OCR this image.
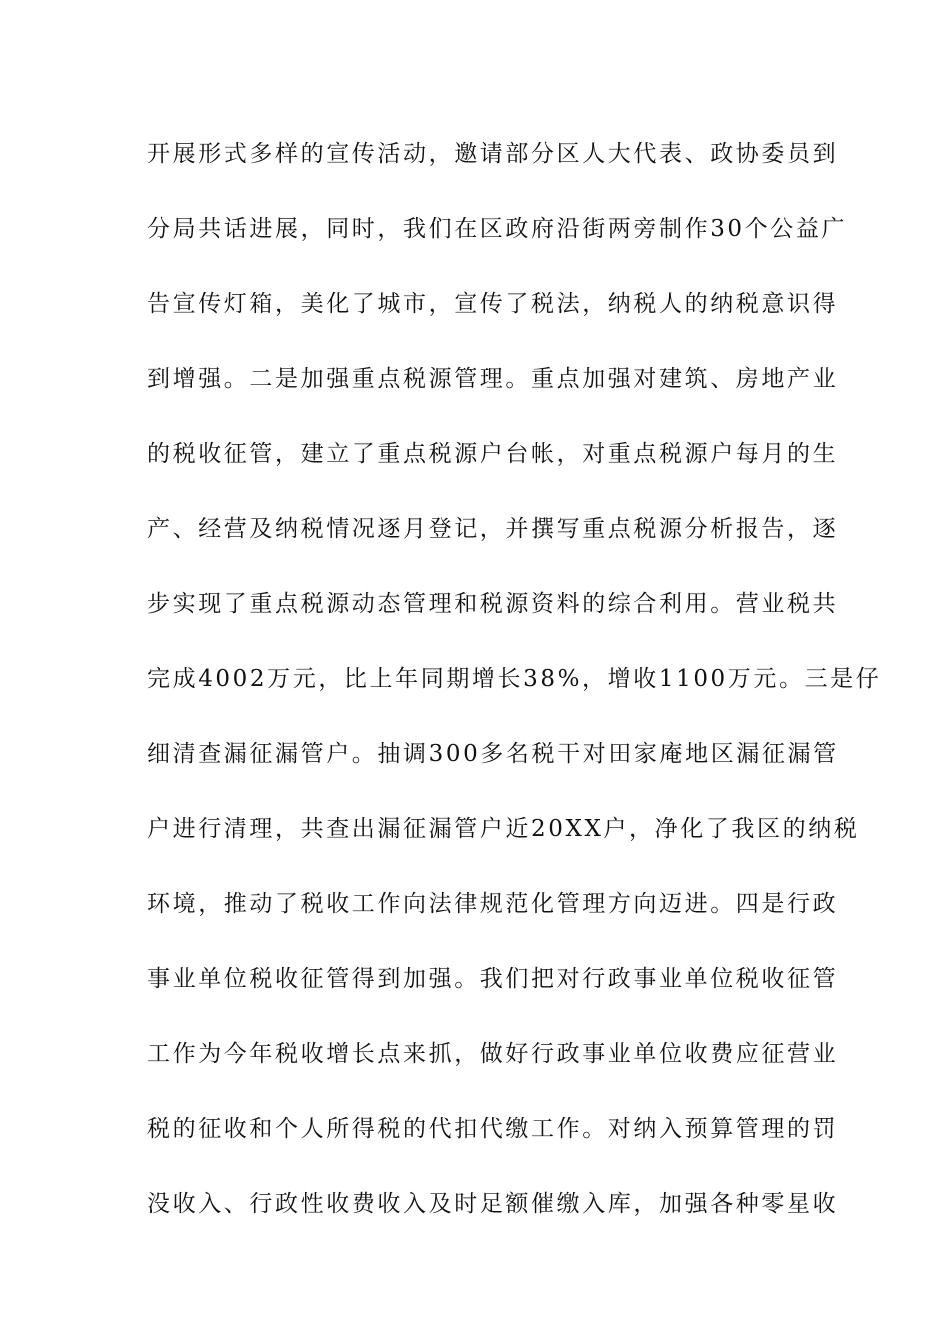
开展形式多样的宣传活动，邀请部分区人大代表、政协委员到
分局共话进展，同时，我们在区政府沿街两旁制作30个公益广
告宣传灯箱，美化了城市，宣传了税法，纳税人的纳税意识得
到增强。二是加强重点税源管理。重点加强对建筑、房地产业
的税收征管，建立了重点税源户台帐，对重点税源户每月的生
产、经营及纳税情况逐月登记，并撰写重点税源分析报告，逐
步实现了重点税源动态管理和税源资料的综合利用。营业税共
完成4002万元，比上年同期增长38%，增收1100万元。三是仔
细清查漏征漏管户。抽调300多名税干对田家庵地区漏征漏管
户进行清理，共查出漏征漏管户近20XX户，净化了我区的纳税
环境，推动了税收工作向法律规范化管理方向迈进。四是行政
事业单位税收征管得到加强。我们把对行政事业单位税收征管
工作为今年税收增长点来抓，做好行政事业单位收费应征营业
税的征收和个人所得税的代扣代缴工作。对纳入预算管理的罚
没收入、行政性收费收入及时足额催缴入库，加强各种零星收
